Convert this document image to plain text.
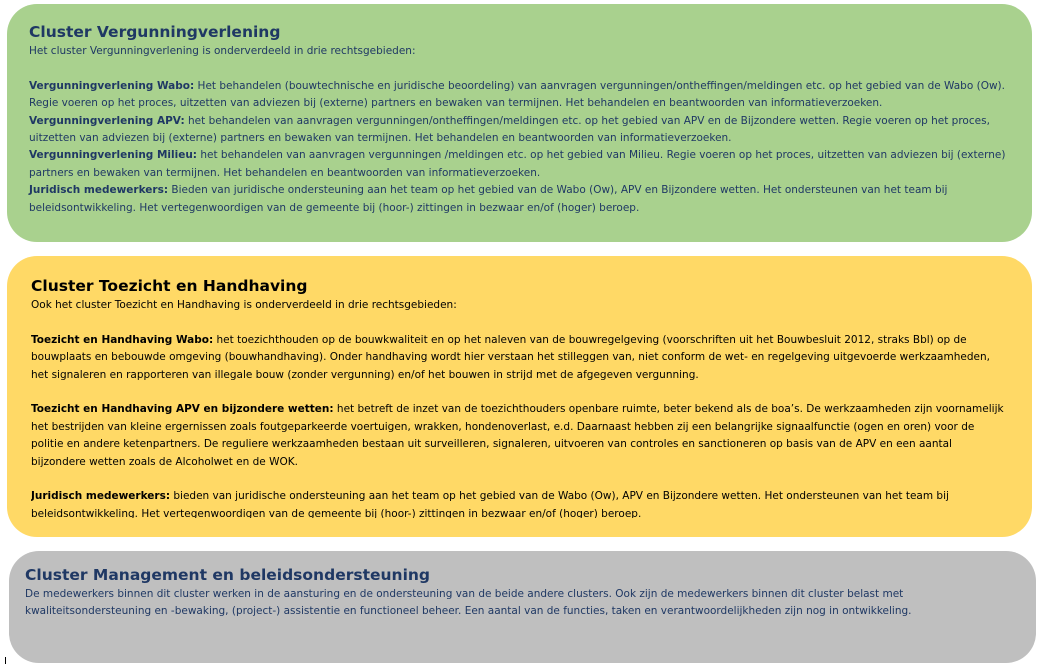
Cluster Vergunningverlening

Het cluster Vergunningverlening is onderverdeeld in drie rechtsgebieden:

Vergunningverlening Wabo: Het behandelen (bouwtechnische en juridische beoordeling) van aanvragen vergunningen/ontheffingen/meldingen etc. op het gebied van de Wabo (Ow). Regie voeren op het proces, uitzetten van adviezen bij (externe) partners en bewaken van termijnen. Het behandelen en beantwoorden van informatieverzoeken.

Vergunningverlening APV: het behandelen van aanvragen vergunningen/ontheffingen/meldingen etc. op het gebied van APV en de Bijzondere wetten. Regie voeren op het proces, uitzetten van adviezen bij (externe) partners en bewaken van termijnen. Het behandelen en beantwoorden van informatieverzoeken.

Vergunningverlening Milieu: het behandelen van aanvragen vergunningen /meldingen etc. op het gebied van Milieu. Regie voeren op het proces, uitzetten van adviezen bij (externe) partners en bewaken van termijnen. Het behandelen en beantwoorden van informatieverzoeken.

Juridisch medewerkers: Bieden van juridische ondersteuning aan het team op het gebied van de Wabo (Ow), APV en Bijzondere wetten. Het ondersteunen van het team bij beleidsontwikkeling. Het vertegenwoordigen van de gemeente bij (hoor-) zittingen in bezwaar en/of (hoger) beroep.

Cluster Toezicht en Handhaving

Ook het cluster Toezicht en Handhaving is onderverdeeld in drie rechtsgebieden:

Toezicht en Handhaving Wabo: het toezichthouden op de bouwkwaliteit en op het naleven van de bouwregelgeving (voorschriften uit het Bouwbesluit 2012, straks Bbl) op de bouwplaats en bebouwde omgeving (bouwhandhaving). Onder handhaving wordt hier verstaan het stilleggen van, niet conform de wet- en regelgeving uitgevoerde werkzaamheden, het signaleren en rapporteren van illegale bouw (zonder vergunning) en/of het bouwen in strijd met de afgegeven vergunning.

Toezicht en Handhaving APV en bijzondere wetten: het betreft de inzet van de toezichthouders openbare ruimte, beter bekend als de boa’s. De werkzaamheden zijn voornamelijk het bestrijden van kleine ergernissen zoals foutgeparkeerde voertuigen, wrakken, hondenoverlast, e.d. Daarnaast hebben zij een belangrijke signaalfunctie (ogen en oren) voor de politie en andere ketenpartners. De reguliere werkzaamheden bestaan uit surveilleren, signaleren, uitvoeren van controles en sanctioneren op basis van de APV en een aantal bijzondere wetten zoals de Alcoholwet en de WOK.

Juridisch medewerkers: bieden van juridische ondersteuning aan het team op het gebied van de Wabo (Ow), APV en Bijzondere wetten. Het ondersteunen van het team bij beleidsontwikkeling. Het vertegenwoordigen van de gemeente bij (hoor-) zittingen in bezwaar en/of (hoger) beroep.

Cluster Management en beleidsondersteuning

De medewerkers binnen dit cluster werken in de aansturing en de ondersteuning van de beide andere clusters. Ook zijn de medewerkers binnen dit cluster belast met kwaliteitsondersteuning en -bewaking, (project-) assistentie en functioneel beheer. Een aantal van de functies, taken en verantwoordelijkheden zijn nog in ontwikkeling.
